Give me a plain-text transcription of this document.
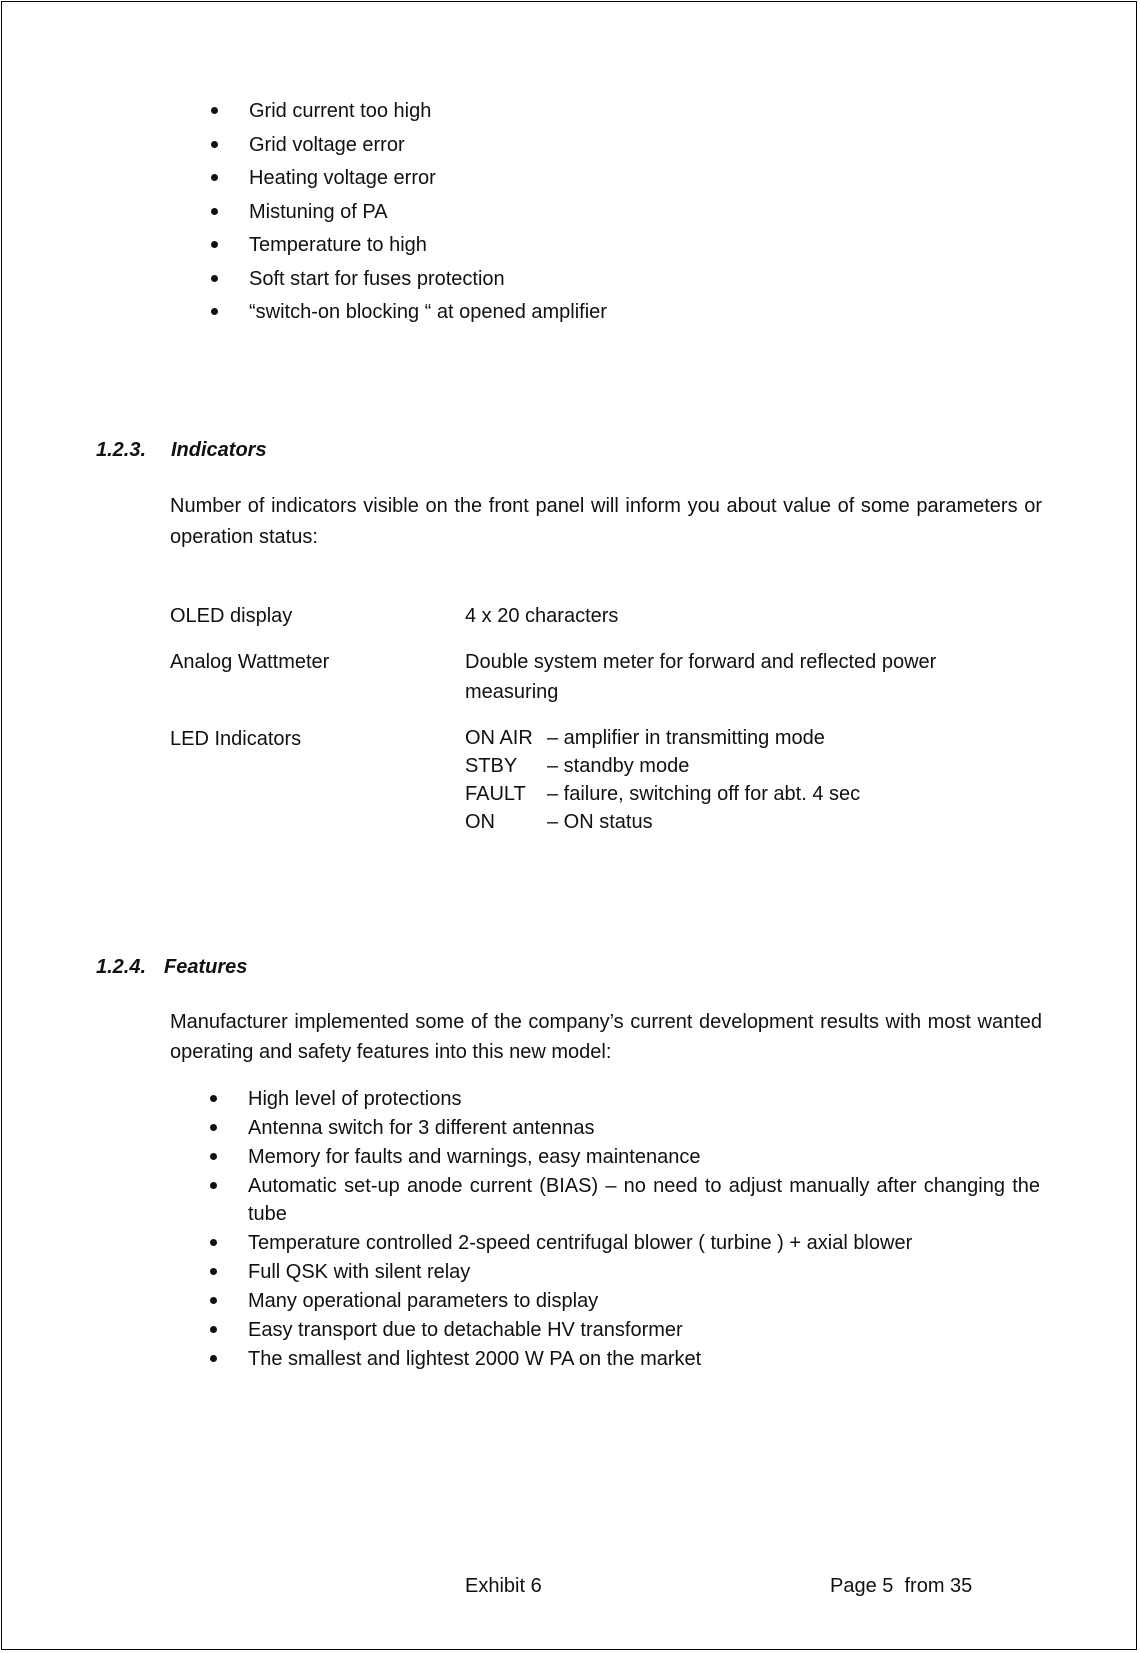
Grid current too high
Grid voltage error
Heating voltage error
Mistuning of PA
Temperature to high
Soft start for fuses protection
“switch-on blocking “ at opened amplifier
1.2.3. Indicators
Number of indicators visible on the front panel will inform you about value of some parameters or operation status:
OLED display	4 x 20 characters
Analog Wattmeter	Double system meter for forward and reflected power measuring
LED Indicators	ON AIR – amplifier in transmitting mode
STBY – standby mode
FAULT – failure, switching off for abt. 4 sec
ON	– ON status
1.2.4. Features
Manufacturer implemented some of the company’s current development results with most wanted operating and safety features into this new model:
High level of protections
Antenna switch for 3 different antennas
Memory for faults and warnings, easy maintenance
Automatic set-up anode current (BIAS) – no need to adjust manually after changing the tube
Temperature controlled 2-speed centrifugal blower ( turbine ) + axial blower
Full QSK with silent relay
Many operational parameters to display
Easy transport due to detachable HV transformer
The smallest and lightest 2000 W PA on the market
Exhibit 6	Page 5  from 35
